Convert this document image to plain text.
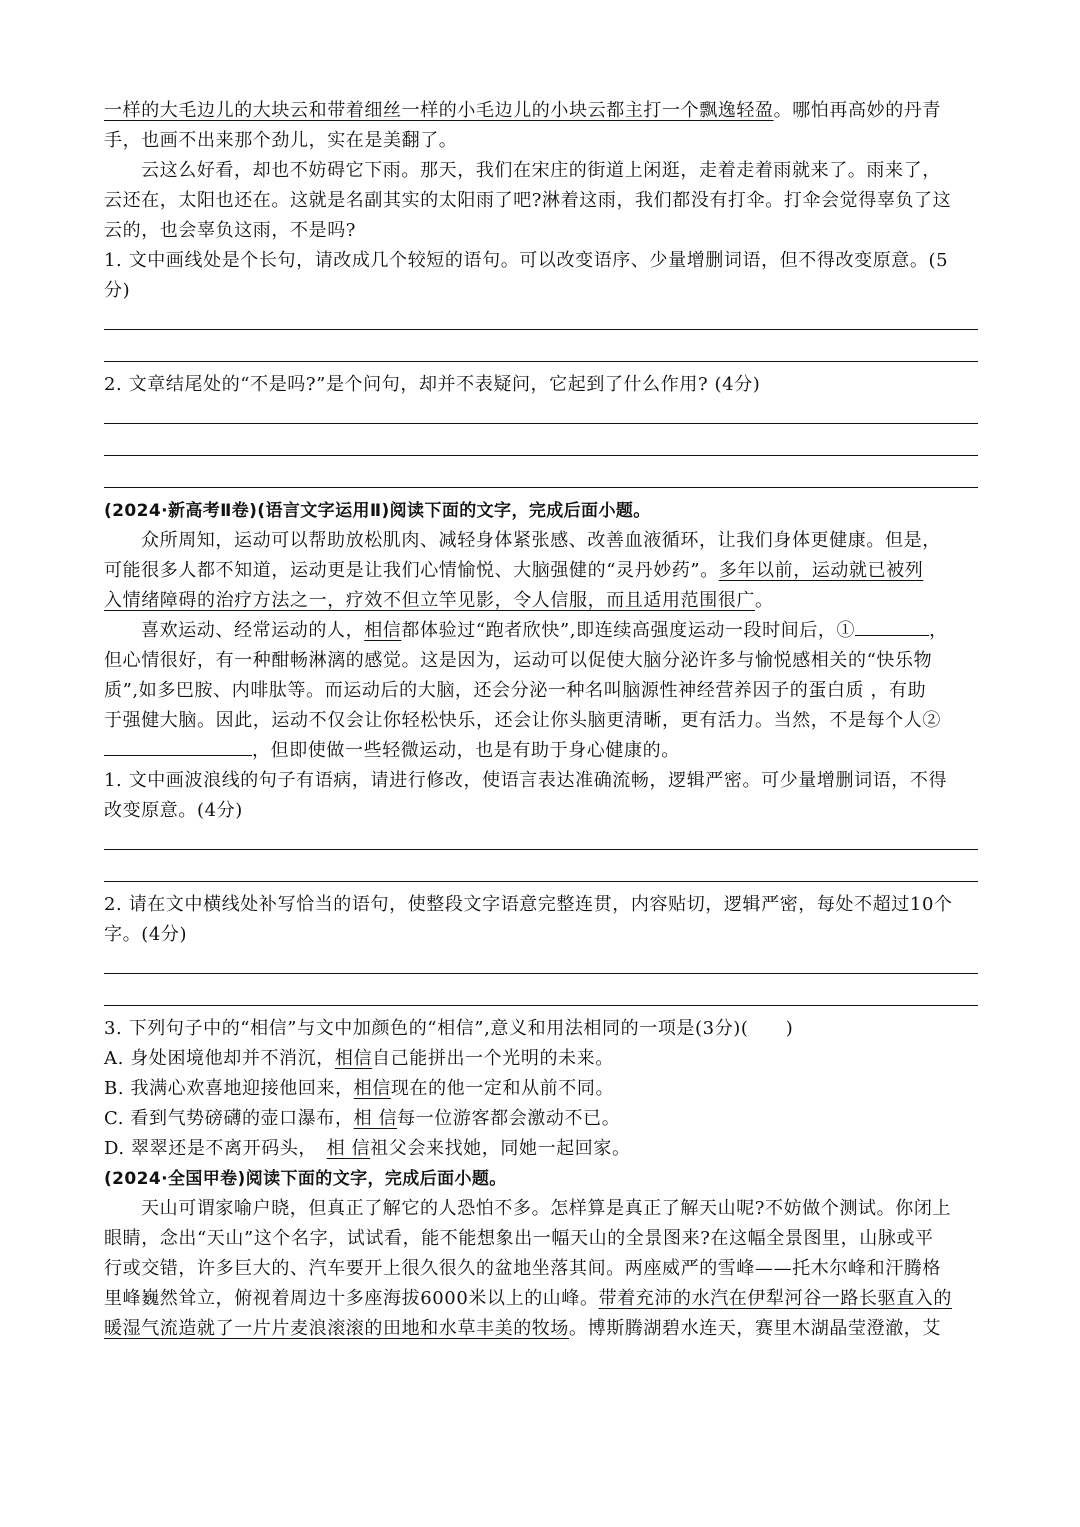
一样的大毛边儿的大块云和带着细丝一样的小毛边儿的小块云都主打一个飘逸轻盈。哪怕再高妙的丹青
手，也画不出来那个劲儿，实在是美翻了。
云这么好看，却也不妨碍它下雨。那天，我们在宋庄的街道上闲逛，走着走着雨就来了。雨来了，
云还在，太阳也还在。这就是名副其实的太阳雨了吧?淋着这雨，我们都没有打伞。打伞会觉得辜负了这
云的，也会辜负这雨，不是吗?
1. 文中画线处是个长句，请改成几个较短的语句。可以改变语序、少量增删词语，但不得改变原意。(5
分)
2. 文章结尾处的“不是吗?”是个问句，却并不表疑问，它起到了什么作用? (4分)
(2024·新高考Ⅱ卷)(语言文字运用Ⅱ)阅读下面的文字，完成后面小题。
众所周知，运动可以帮助放松肌肉、减轻身体紧张感、改善血液循环，让我们身体更健康。但是，
可能很多人都不知道，运动更是让我们心情愉悦、大脑强健的“灵丹妙药”。多年以前，运动就已被列
入情绪障碍的治疗方法之一，疗效不但立竿见影，令人信服，而且适用范围很广。
喜欢运动、经常运动的人，相信都体验过“跑者欣快”,即连续高强度运动一段时间后，①	，
但心情很好，有一种酣畅淋漓的感觉。这是因为，运动可以促使大脑分泌许多与愉悦感相关的“快乐物
质”,如多巴胺、内啡肽等。而运动后的大脑，还会分泌一种名叫脑源性神经营养因子的蛋白质 ，有助
于强健大脑。因此，运动不仅会让你轻松快乐，还会让你头脑更清晰，更有活力。当然，不是每个人②
，但即使做一些轻微运动，也是有助于身心健康的。
1. 文中画波浪线的句子有语病，请进行修改，使语言表达准确流畅，逻辑严密。可少量增删词语，不得
改变原意。(4分)
2. 请在文中横线处补写恰当的语句，使整段文字语意完整连贯，内容贴切，逻辑严密，每处不超过10个
字。(4分)
3. 下列句子中的“相信”与文中加颜色的“相信”,意义和用法相同的一项是(3分)(　　)
A. 身处困境他却并不消沉，相信自己能拼出一个光明的未来。
B. 我满心欢喜地迎接他回来，相信现在的他一定和从前不同。
C. 看到气势磅礴的壶口瀑布，相 信每一位游客都会激动不已。
D. 翠翠还是不离开码头，　相 信祖父会来找她，同她一起回家。
(2024·全国甲卷)阅读下面的文字，完成后面小题。
天山可谓家喻户晓，但真正了解它的人恐怕不多。怎样算是真正了解天山呢?不妨做个测试。你闭上
眼睛，念出“天山”这个名字，试试看，能不能想象出一幅天山的全景图来?在这幅全景图里，山脉或平
行或交错，许多巨大的、汽车要开上很久很久的盆地坐落其间。两座威严的雪峰——托木尔峰和汗腾格
里峰巍然耸立，俯视着周边十多座海拔6000米以上的山峰。带着充沛的水汽在伊犁河谷一路长驱直入的
暖湿气流造就了一片片麦浪滚滚的田地和水草丰美的牧场。博斯腾湖碧水连天，赛里木湖晶莹澄澈，艾
